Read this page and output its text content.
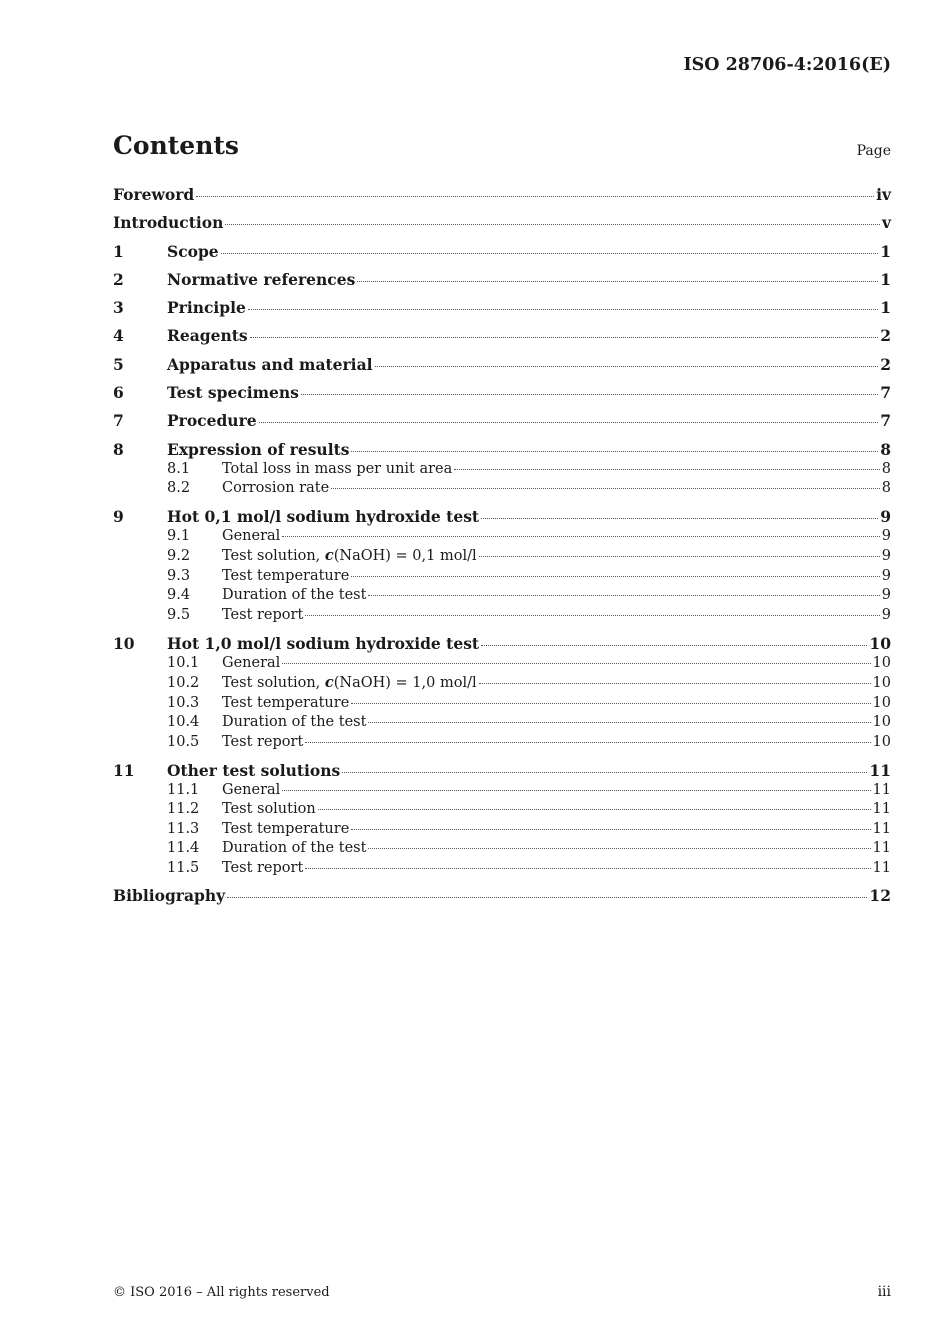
ISO 28706-4:2016(E)
Contents	Page
Foreword	iv
Introduction	v
1	Scope	1
2	Normative references	1
3	Principle	1
4	Reagents	2
5	Apparatus and material	2
6	Test specimens	7
7	Procedure	7
8	Expression of results	8
8.1	Total loss in mass per unit area	8
8.2	Corrosion rate	8
9	Hot 0,1 mol/l sodium hydroxide test	9
9.1	General	9
9.2	Test solution, c(NaOH) = 0,1 mol/l	9
9.3	Test temperature	9
9.4	Duration of the test	9
9.5	Test report	9
10	Hot 1,0 mol/l sodium hydroxide test	10
10.1	General	10
10.2	Test solution, c(NaOH) = 1,0 mol/l	10
10.3	Test temperature	10
10.4	Duration of the test	10
10.5	Test report	10
11	Other test solutions	11
11.1	General	11
11.2	Test solution	11
11.3	Test temperature	11
11.4	Duration of the test	11
11.5	Test report	11
Bibliography	12
© ISO 2016 – All rights reserved	iii
